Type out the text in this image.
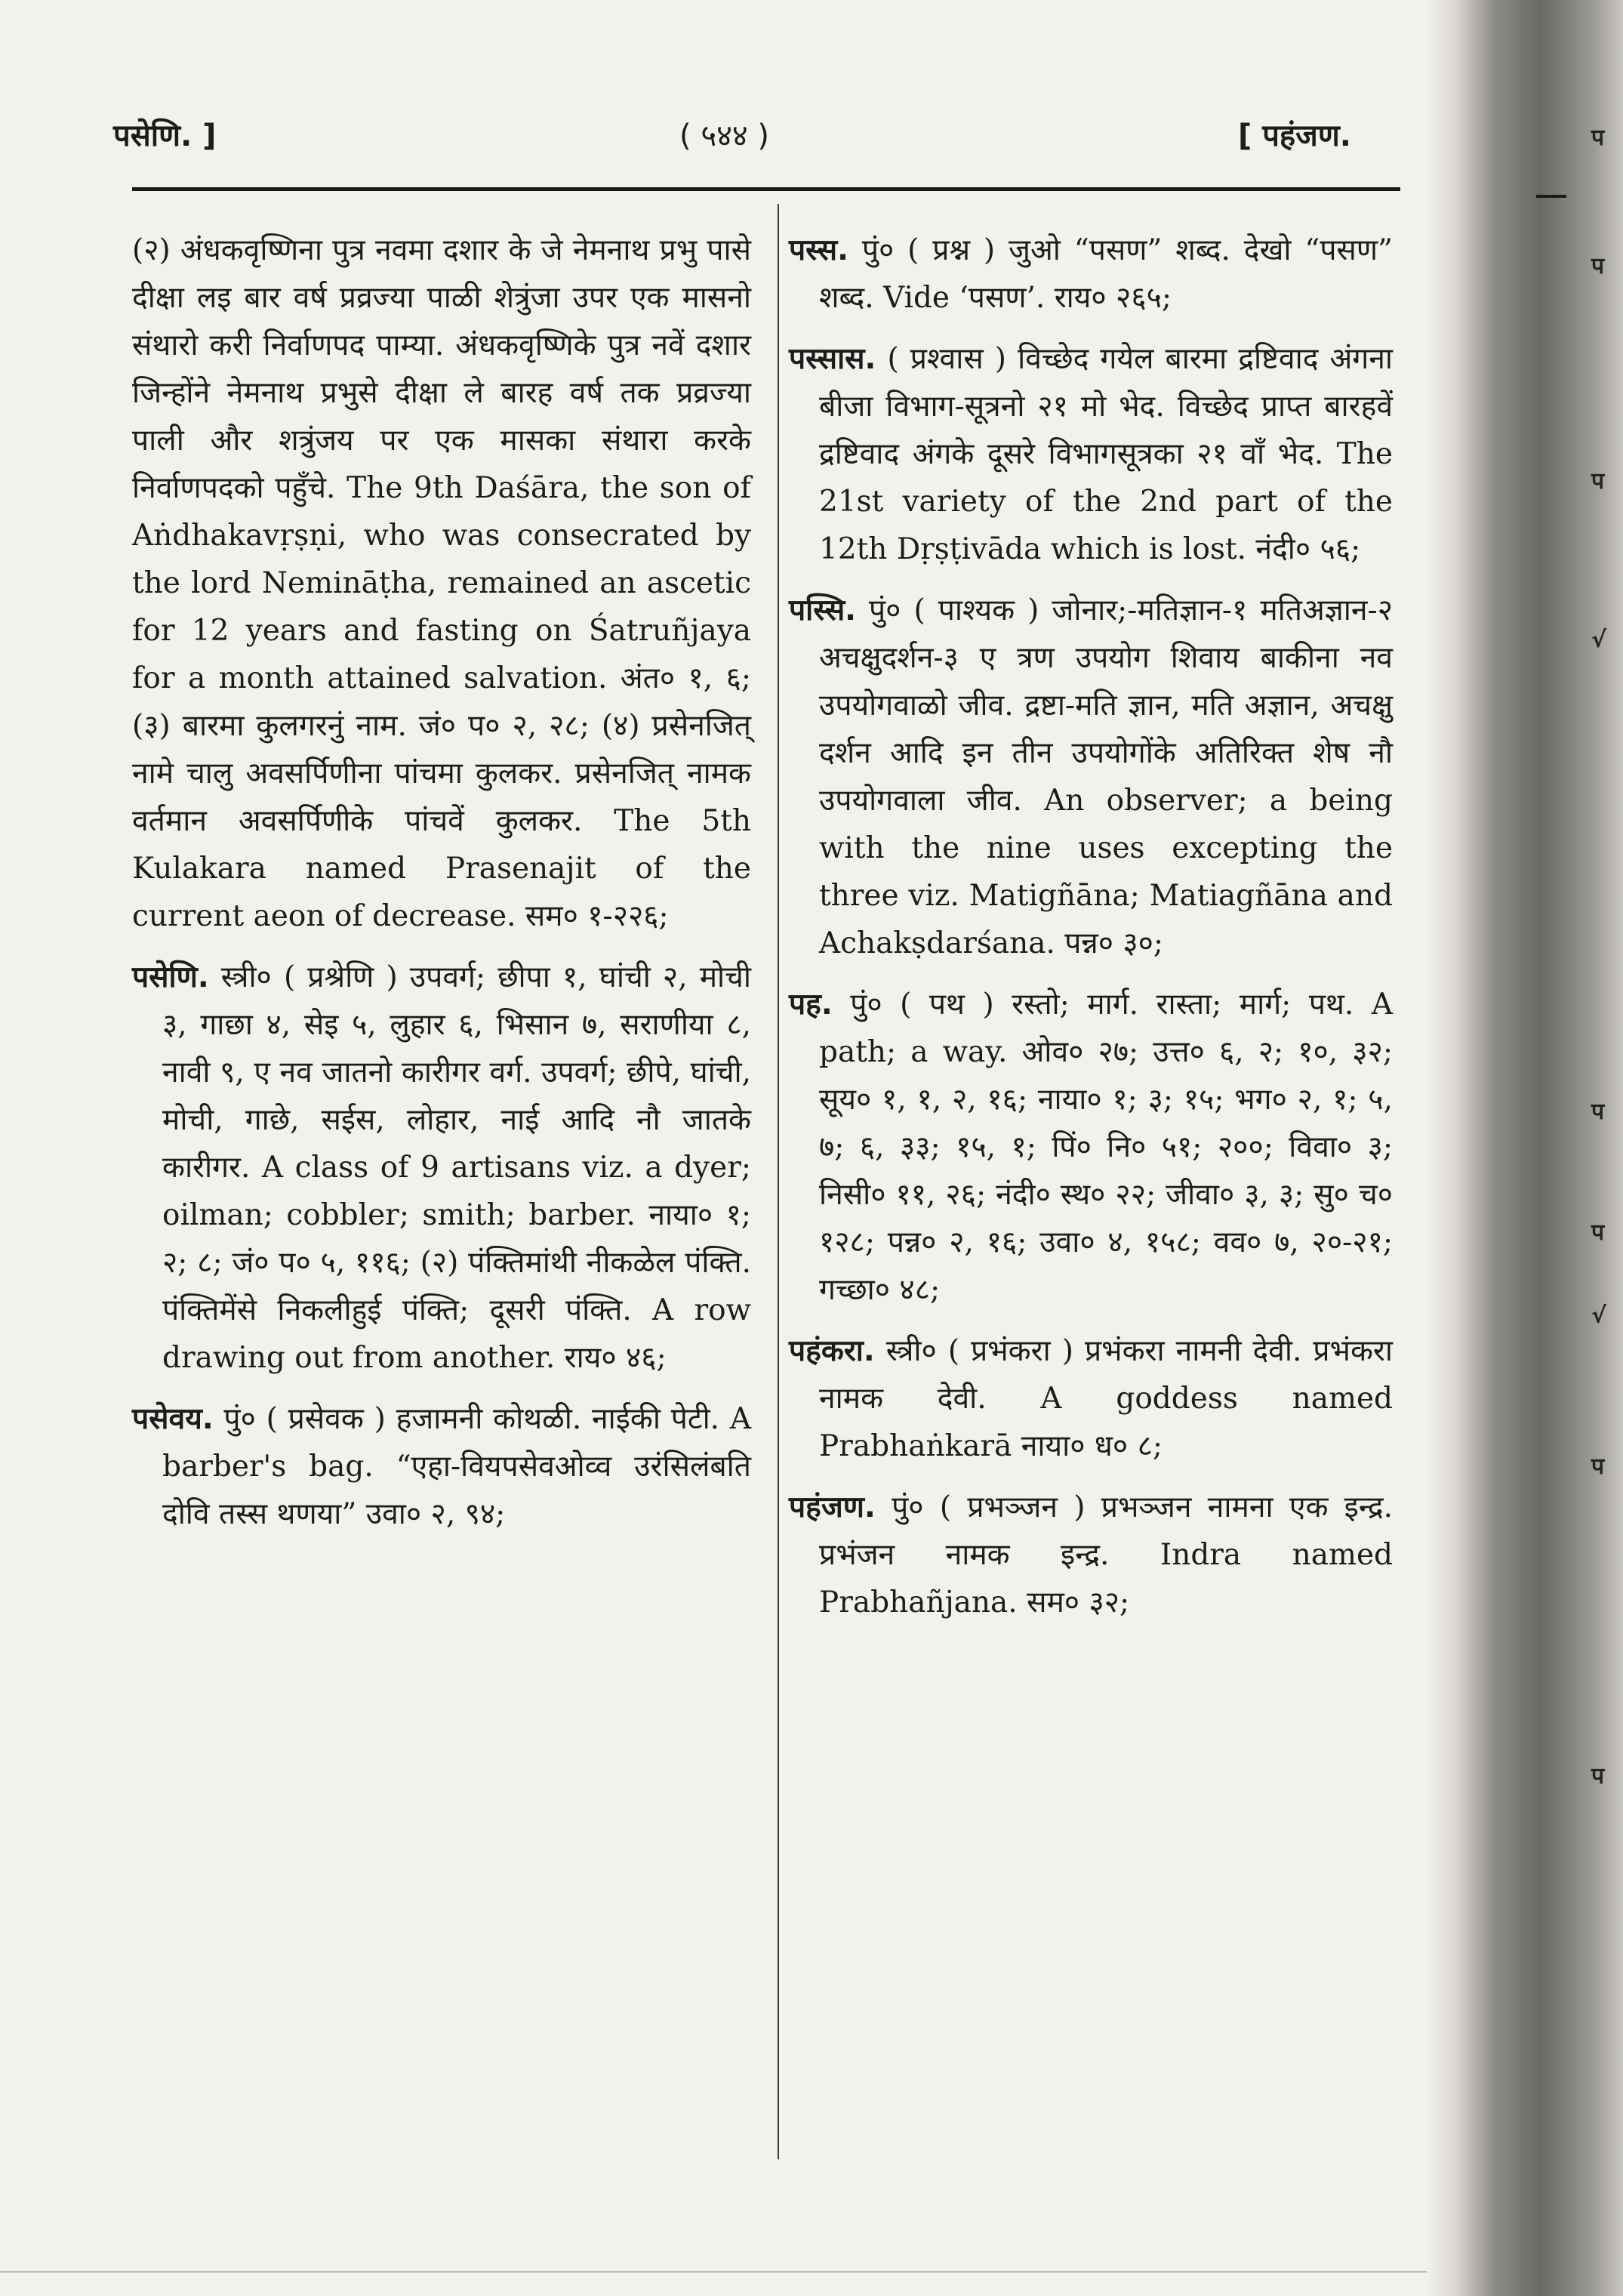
प
प
प
√
प
प
√
प
प
पसेणि. ]	( ५४४ )	[ पहंजण.

(२) अंधकवृष्णिना पुत्र नवमा दशार के जे नेमनाथ प्रभु पासे दीक्षा लइ बार वर्ष प्रव्रज्या पाळी शेत्रुंजा उपर एक मासनो संथारो करी निर्वाणपद पाम्या. अंधकवृष्णिके पुत्र नवें दशार जिन्होंने नेमनाथ प्रभुसे दीक्षा ले बारह वर्ष तक प्रव्रज्या पाली और शत्रुंजय पर एक मासका संथारा करके निर्वाणपदको पहुँचे. The 9th Daśāra, the son of Aṅdhakavṛṣṇi, who was consecrated by the lord Nemināṭha, remained an ascetic for 12 years and fasting on Śatruñjaya for a month attained salvation. अंत० १, ६; (३) बारमा कुलगरनुं नाम. जं० प० २, २८; (४) प्रसेनजित् नामे चालु अवसर्पिणीना पांचमा कुलकर. प्रसेनजित् नामक वर्तमान अवसर्पिणीके पांचवें कुलकर. The 5th Kulakara named Prasenajit of the current aeon of decrease. सम० १-२२६;

पसेणि. स्त्री० ( प्रश्रेणि ) उपवर्ग; छीपा १, घांची २, मोची ३, गाछा ४, सेइ ५, लुहार ६, भिसान ७, सराणीया ८, नावी ९, ए नव जातनो कारीगर वर्ग. उपवर्ग; छीपे, घांची, मोची, गाछे, सईस, लोहार, नाई आदि नौ जातके कारीगर. A class of 9 artisans viz. a dyer; oilman; cobbler; smith; barber. नाया० १; २; ८; जं० प० ५, ११६; (२) पंक्तिमांथी नीकळेल पंक्ति. पंक्तिमेंसे निकलीहुई पंक्ति; दूसरी पंक्ति. A row drawing out from another. राय० ४६;

पसेवय. पुं० ( प्रसेवक ) हजामनी कोथळी. नाईकी पेटी. A barber's bag. “एहा-वियपसेवओव्व उरंसिलंबति दोवि तस्स थणया” उवा० २, ९४;

पस्स. पुं० ( प्रश्न ) जुओ “पसण” शब्द. देखो “पसण” शब्द. Vide ‘पसण’. राय० २६५;

पस्सास. ( प्रश्वास ) विच्छेद गयेल बारमा द्रष्टिवाद अंगना बीजा विभाग-सूत्रनो २१ मो भेद. विच्छेद प्राप्त बारहवें द्रष्टिवाद अंगके दूसरे विभागसूत्रका २१ वाँ भेद. The 21st variety of the 2nd part of the 12th Dṛṣṭivāda which is lost. नंदी० ५६;

पस्सि. पुं० ( पाश्यक ) जोनार;-मतिज्ञान-१ मतिअज्ञान-२ अचक्षुदर्शन-३ ए त्रण उपयोग शिवाय बाकीना नव उपयोगवाळो जीव. द्रष्टा-मति ज्ञान, मति अज्ञान, अचक्षु दर्शन आदि इन तीन उपयोगोंके अतिरिक्त शेष नौ उपयोगवाला जीव. An observer; a being with the nine uses excepting the three viz. Matigñāna; Matiagñāna and Achakṣdarśana. पन्न० ३०;

पह. पुं० ( पथ ) रस्तो; मार्ग. रास्ता; मार्ग; पथ. A path; a way. ओव० २७; उत्त० ६, २; १०, ३२; सूय० १, १, २, १६; नाया० १; ३; १५; भग० २, १; ५, ७; ६, ३३; १५, १; पिं० नि० ५१; २००; विवा० ३; निसी० ११, २६; नंदी० स्थ० २२; जीवा० ३, ३; सु० च० १२८; पन्न० २, १६; उवा० ४, १५८; वव० ७, २०-२१; गच्छा० ४८;

पहंकरा. स्त्री० ( प्रभंकरा ) प्रभंकरा नामनी देवी. प्रभंकरा नामक देवी. A goddess named Prabhaṅkarā नाया० ध० ८;

पहंजण. पुं० ( प्रभञ्जन ) प्रभञ्जन नामना एक इन्द्र. प्रभंजन नामक इन्द्र. Indra named Prabhañjana. सम० ३२;
